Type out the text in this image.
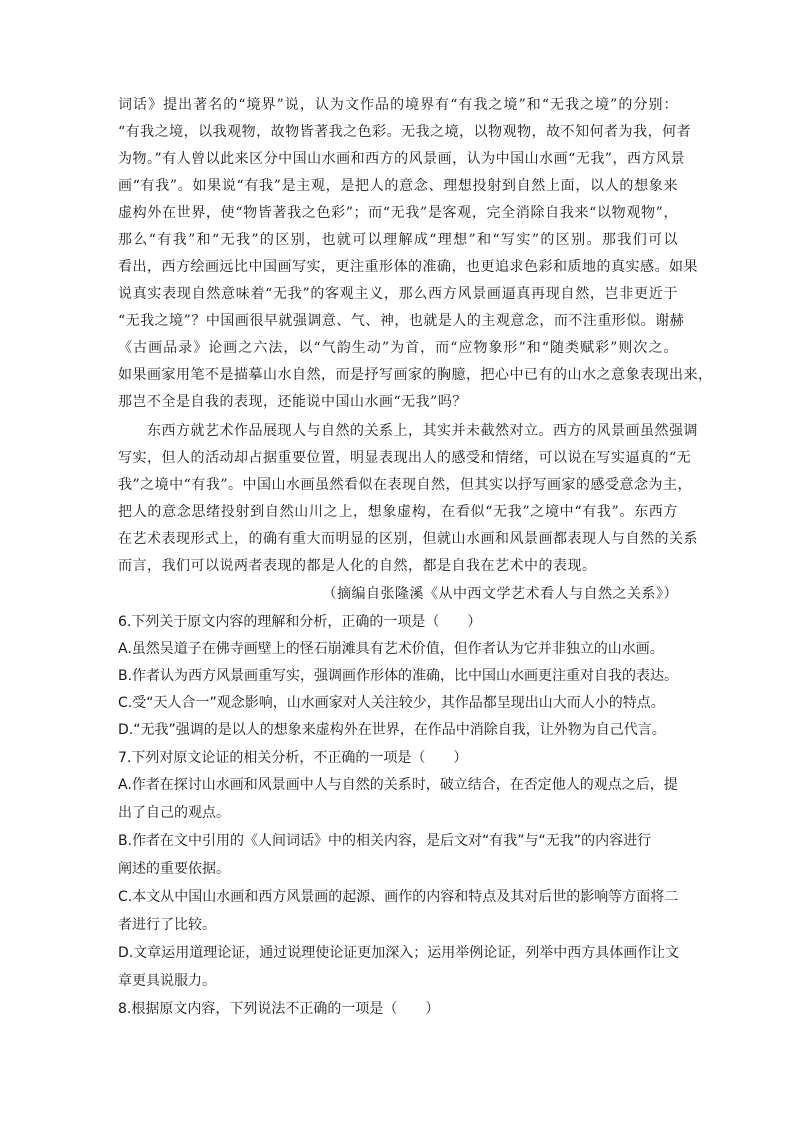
词话》提出著名的“境界”说，认为文作品的境界有“有我之境”和“无我之境”的分别：
“有我之境，以我观物，故物皆著我之色彩。无我之境，以物观物，故不知何者为我，何者
为物。”有人曾以此来区分中国山水画和西方的风景画，认为中国山水画“无我”，西方风景
画“有我”。如果说“有我”是主观，是把人的意念、理想投射到自然上面，以人的想象来
虚构外在世界，使“物皆著我之色彩”；而“无我”是客观，完全消除自我来“以物观物”，
那么“有我”和“无我”的区别，也就可以理解成“理想”和“写实”的区别。那我们可以
看出，西方绘画远比中国画写实，更注重形体的准确，也更追求色彩和质地的真实感。如果
说真实表现自然意味着“无我”的客观主义，那么西方风景画逼真再现自然，岂非更近于
“无我之境”？中国画很早就强调意、气、神，也就是人的主观意念，而不注重形似。谢赫
《古画品录》论画之六法，以“气韵生动”为首，而“应物象形”和“随类赋彩”则次之。
如果画家用笔不是描摹山水自然，而是抒写画家的胸臆，把心中已有的山水之意象表现出来，
那岂不全是自我的表现，还能说中国山水画“无我”吗？
东西方就艺术作品展现人与自然的关系上，其实并未截然对立。西方的风景画虽然强调
写实，但人的活动却占据重要位置，明显表现出人的感受和情绪，可以说在写实逼真的“无
我”之境中“有我”。中国山水画虽然看似在表现自然，但其实以抒写画家的感受意念为主，
把人的意念思绪投射到自然山川之上，想象虚构，在看似“无我”之境中“有我”。东西方
在艺术表现形式上，的确有重大而明显的区别，但就山水画和风景画都表现人与自然的关系
而言，我们可以说两者表现的都是人化的自然，都是自我在艺术中的表现。
（摘编自张隆溪《从中西文学艺术看人与自然之关系》）
6.下列关于原文内容的理解和分析，正确的一项是（　　）
A.虽然吴道子在佛寺画壁上的怪石崩滩具有艺术价值，但作者认为它并非独立的山水画。
B.作者认为西方风景画重写实，强调画作形体的准确，比中国山水画更注重对自我的表达。
C.受“天人合一”观念影响，山水画家对人关注较少，其作品都呈现出山大而人小的特点。
D.“无我”强调的是以人的想象来虚构外在世界，在作品中消除自我，让外物为自己代言。
7.下列对原文论证的相关分析，不正确的一项是（　　）
A.作者在探讨山水画和风景画中人与自然的关系时，破立结合，在否定他人的观点之后，提
出了自己的观点。
B.作者在文中引用的《人间词话》中的相关内容，是后文对“有我”与“无我”的内容进行
阐述的重要依据。
C.本文从中国山水画和西方风景画的起源、画作的内容和特点及其对后世的影响等方面将二
者进行了比较。
D.文章运用道理论证，通过说理使论证更加深入；运用举例论证，列举中西方具体画作让文
章更具说服力。
8.根据原文内容，下列说法不正确的一项是（　　）
